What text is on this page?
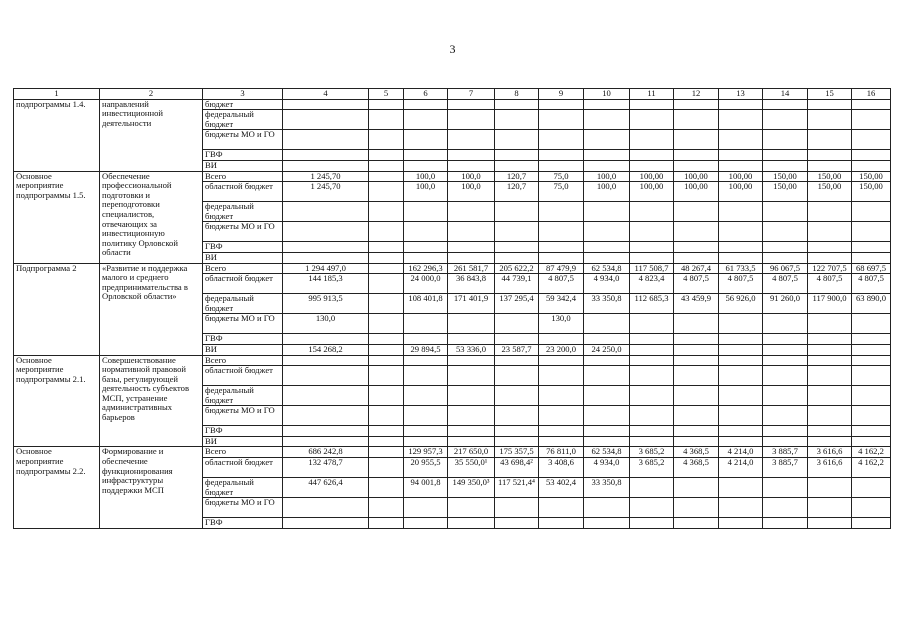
3
1	2	3	4	5	6	7	8	9	10	11	12	13	14	15	16
подпрограммы 1.4.	направлений инвестиционной деятельности	бюджет													
		федеральный бюджет													
		бюджеты МО и ГО													
		ГВФ													
		ВИ													
Основное мероприятие подпрограммы 1.5.	Обеспечение профессиональной подготовки и переподготовки специалистов, отвечающих за инвестиционную политику Орловской области	Всего	1 245,70		100,0	100,0	120,7	75,0	100,0	100,00	100,00	100,00	150,00	150,00	150,00
		областной бюджет	1 245,70		100,0	100,0	120,7	75,0	100,0	100,00	100,00	100,00	150,00	150,00	150,00
		федеральный бюджет													
		бюджеты МО и ГО													
		ГВФ													
		ВИ													
Подпрограмма 2	«Развитие и поддержка малого и среднего предпринимательства в Орловской области»	Всего	1 294 497,0		162 296,3	261 581,7	205 622,2	87 479,9	62 534,8	117 508,7	48 267,4	61 733,5	96 067,5	122 707,5	68 697,5
		областной бюджет	144 185,3		24 000,0	36 843,8	44 739,1	4 807,5	4 934,0	4 823,4	4 807,5	4 807,5	4 807,5	4 807,5	4 807,5
		федеральный бюджет	995 913,5		108 401,8	171 401,9	137 295,4	59 342,4	33 350,8	112 685,3	43 459,9	56 926,0	91 260,0	117 900,0	63 890,0
		бюджеты МО и ГО	130,0					130,0							
		ГВФ													
		ВИ	154 268,2		29 894,5	53 336,0	23 587,7	23 200,0	24 250,0						
Основное мероприятие подпрограммы 2.1.	Совершенствование нормативной правовой базы, регулирующей деятельность субъектов МСП, устранение административных барьеров	Всего													
		областной бюджет													
		федеральный бюджет													
		бюджеты МО и ГО													
		ГВФ													
		ВИ													
Основное мероприятие подпрограммы 2.2.	Формирование и обеспечение функционирования инфраструктуры поддержки МСП	Всего	686 242,8		129 957,3	217 650,0	175 357,5	76 811,0	62 534,8	3 685,2	4 368,5	4 214,0	3 885,7	3 616,6	4 162,2
		областной бюджет	132 478,7		20 955,5	35 550,0¹	43 698,4²	3 408,6	4 934,0	3 685,2	4 368,5	4 214,0	3 885,7	3 616,6	4 162,2
		федеральный бюджет	447 626,4		94 001,8	149 350,0³	117 521,4⁴	53 402,4	33 350,8						
		бюджеты МО и ГО													
		ГВФ													
